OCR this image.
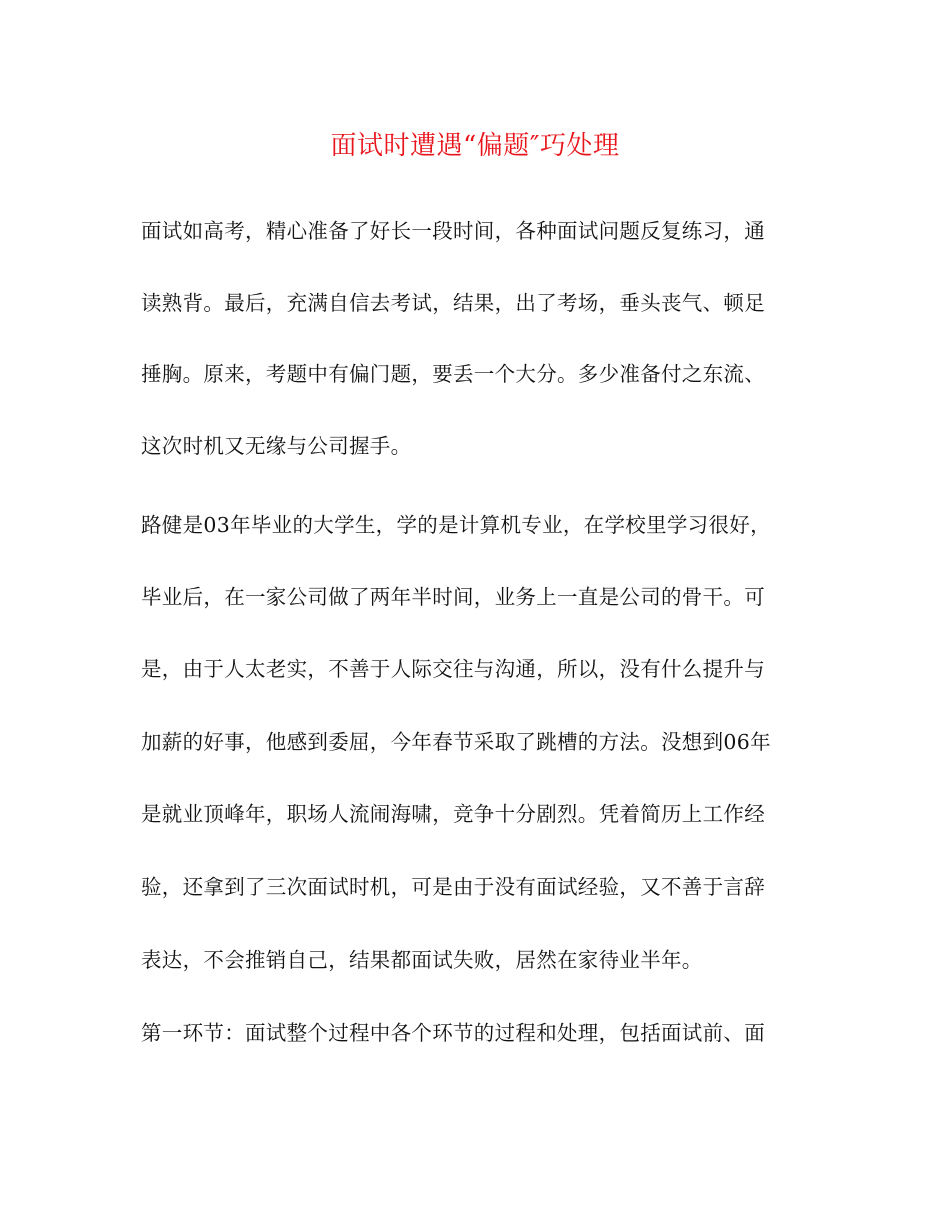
面试时遭遇“偏题″巧处理
面试如高考，精心准备了好长一段时间，各种面试问题反复练习，通
读熟背。最后，充满自信去考试，结果，出了考场，垂头丧气、顿足
捶胸。原来，考题中有偏门题，要丢一个大分。多少准备付之东流、
这次时机又无缘与公司握手。
路健是03年毕业的大学生，学的是计算机专业，在学校里学习很好，
毕业后，在一家公司做了两年半时间，业务上一直是公司的骨干。可
是，由于人太老实，不善于人际交往与沟通，所以，没有什么提升与
加薪的好事，他感到委屈，今年春节采取了跳槽的方法。没想到06年
是就业顶峰年，职场人流闹海啸，竞争十分剧烈。凭着简历上工作经
验，还拿到了三次面试时机，可是由于没有面试经验，又不善于言辞
表达，不会推销自己，结果都面试失败，居然在家待业半年。
第一环节：面试整个过程中各个环节的过程和处理，包括面试前、面
